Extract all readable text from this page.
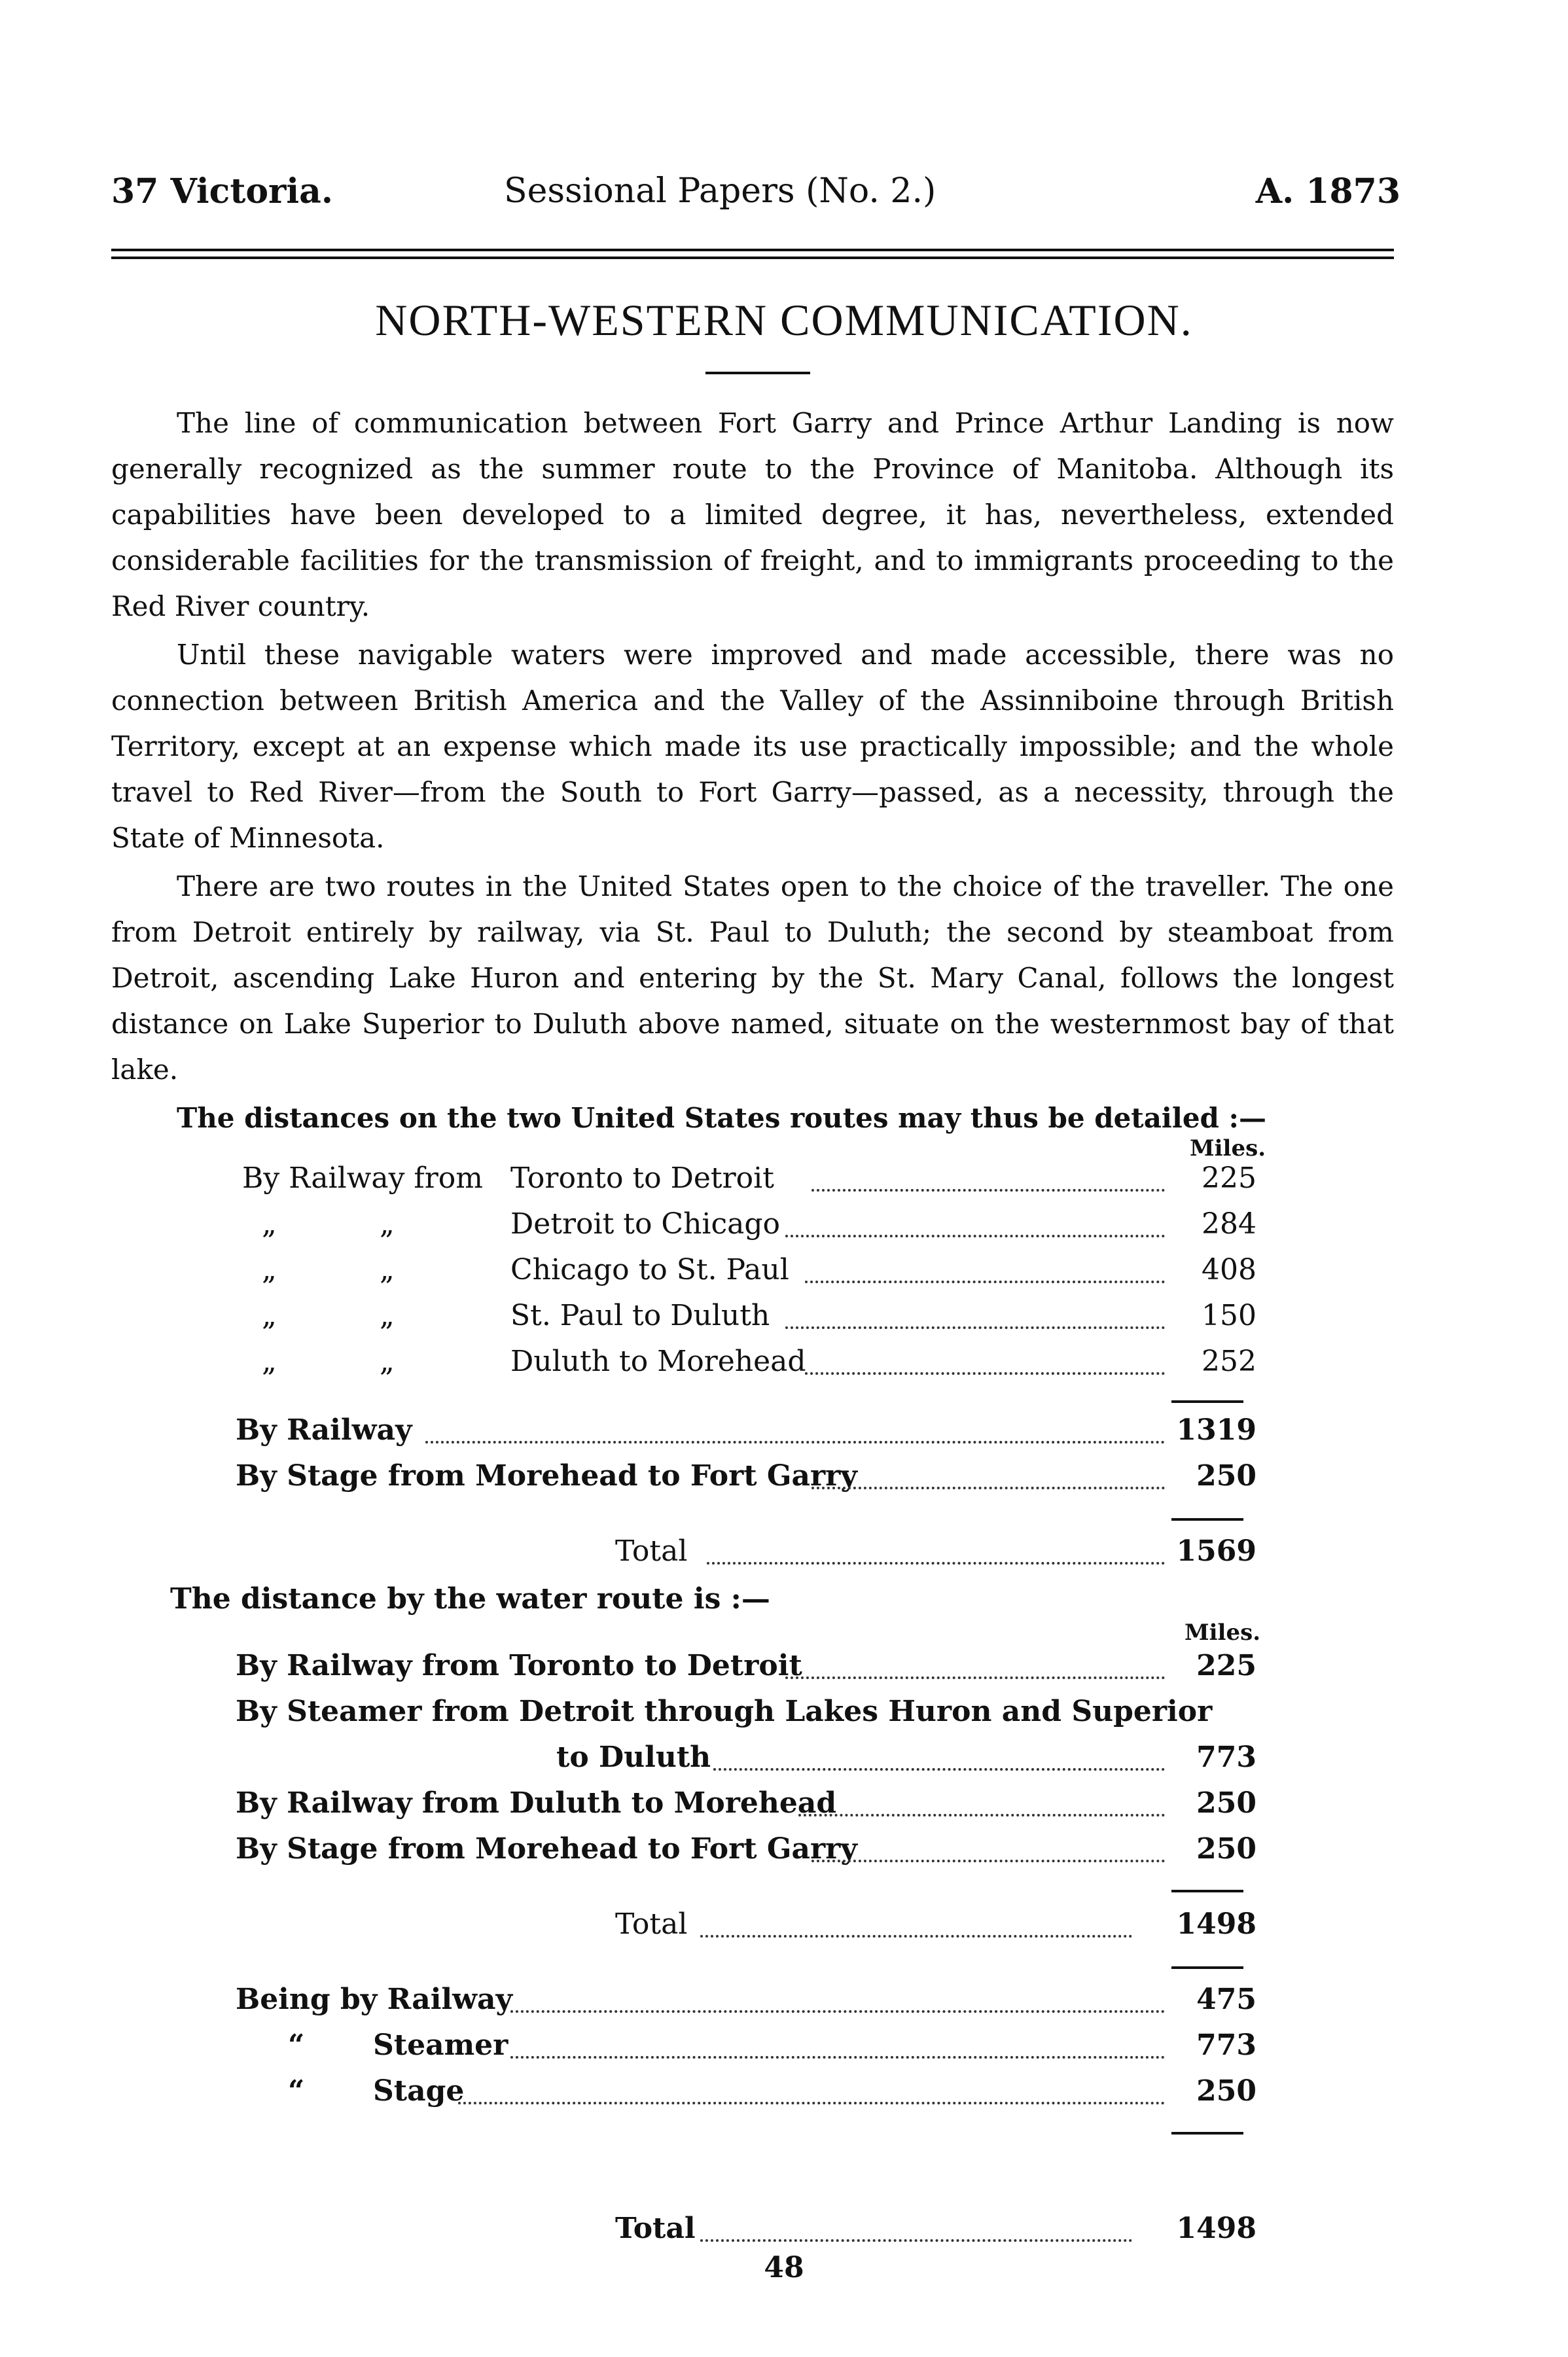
37 Victoria.	Sessional Papers (No. 2.)	A. 1873
NORTH-WESTERN COMMUNICATION.

The line of communication between Fort Garry and Prince Arthur Landing is now generally recognized as the summer route to the Province of Manitoba. Although its capabilities have been developed to a limited degree, it has, nevertheless, extended considerable facilities for the transmission of freight, and to immigrants proceeding to the Red River country.

Until these navigable waters were improved and made accessible, there was no connection between British America and the Valley of the Assinniboine through British Territory, except at an expense which made its use practically impossible; and the whole travel to Red River—from the South to Fort Garry—passed, as a necessity, through the State of Minnesota.

There are two routes in the United States open to the choice of the traveller. The one from Detroit entirely by railway, via St. Paul to Duluth; the second by steamboat from Detroit, ascending Lake Huron and entering by the St. Mary Canal, follows the longest distance on Lake Superior to Duluth above named, situate on the westernmost bay of that lake.

The distances on the two United States routes may thus be detailed :—

Miles.
By Railway from Toronto to Detroit	225
„	„	Detroit to Chicago	284
„	„	Chicago to St. Paul	408
„	„	St. Paul to Duluth	150
„	„	Duluth to Morehead	252
By Railway	1319
By Stage from Morehead to Fort Garry	250
Total	1569
The distance by the water route is :—
Miles.
By Railway from Toronto to Detroit	225
By Steamer from Detroit through Lakes Huron and Superior
to Duluth	773
By Railway from Duluth to Morehead	250
By Stage from Morehead to Fort Garry	250
Total	1498
Being by Railway	475
“ Steamer	773
“ Stage	250
Total	1498
48
